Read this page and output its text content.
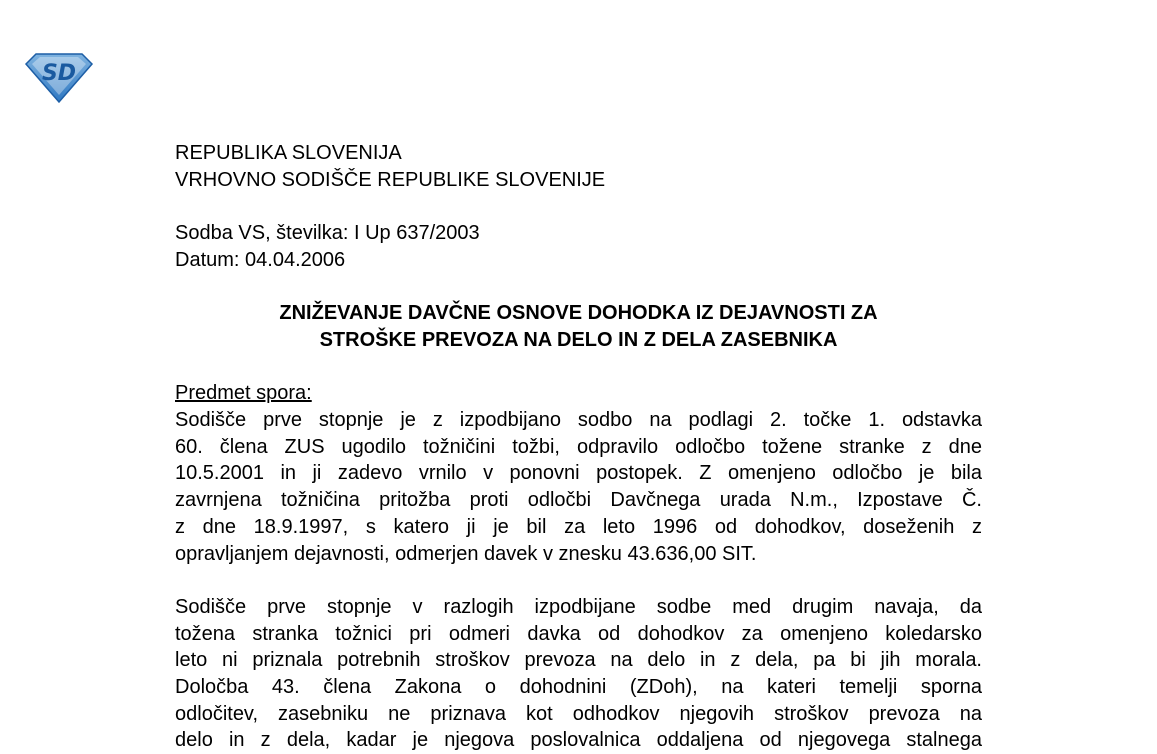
SD
REPUBLIKA SLOVENIJA
VRHOVNO SODIŠČE REPUBLIKE SLOVENIJE
Sodba VS, številka: I Up 637/2003
Datum: 04.04.2006
ZNIŽEVANJE DAVČNE OSNOVE DOHODKA IZ DEJAVNOSTI ZA
STROŠKE PREVOZA NA DELO IN Z DELA ZASEBNIKA
Predmet spora:
Sodišče prve stopnje je z izpodbijano sodbo na podlagi 2. točke 1. odstavka
60. člena ZUS ugodilo tožničini tožbi, odpravilo odločbo tožene stranke z dne
10.5.2001 in ji zadevo vrnilo v ponovni postopek. Z omenjeno odločbo je bila
zavrnjena tožničina pritožba proti odločbi Davčnega urada N.m., Izpostave Č.
z dne 18.9.1997, s katero ji je bil za leto 1996 od dohodkov, doseženih z
opravljanjem dejavnosti, odmerjen davek v znesku 43.636,00 SIT.
Sodišče prve stopnje v razlogih izpodbijane sodbe med drugim navaja, da
tožena stranka tožnici pri odmeri davka od dohodkov za omenjeno koledarsko
leto ni priznala potrebnih stroškov prevoza na delo in z dela, pa bi jih morala.
Določba 43. člena Zakona o dohodnini (ZDoh), na kateri temelji sporna
odločitev, zasebniku ne priznava kot odhodkov njegovih stroškov prevoza na
delo in z dela, kadar je njegova poslovalnica oddaljena od njegovega stalnega
